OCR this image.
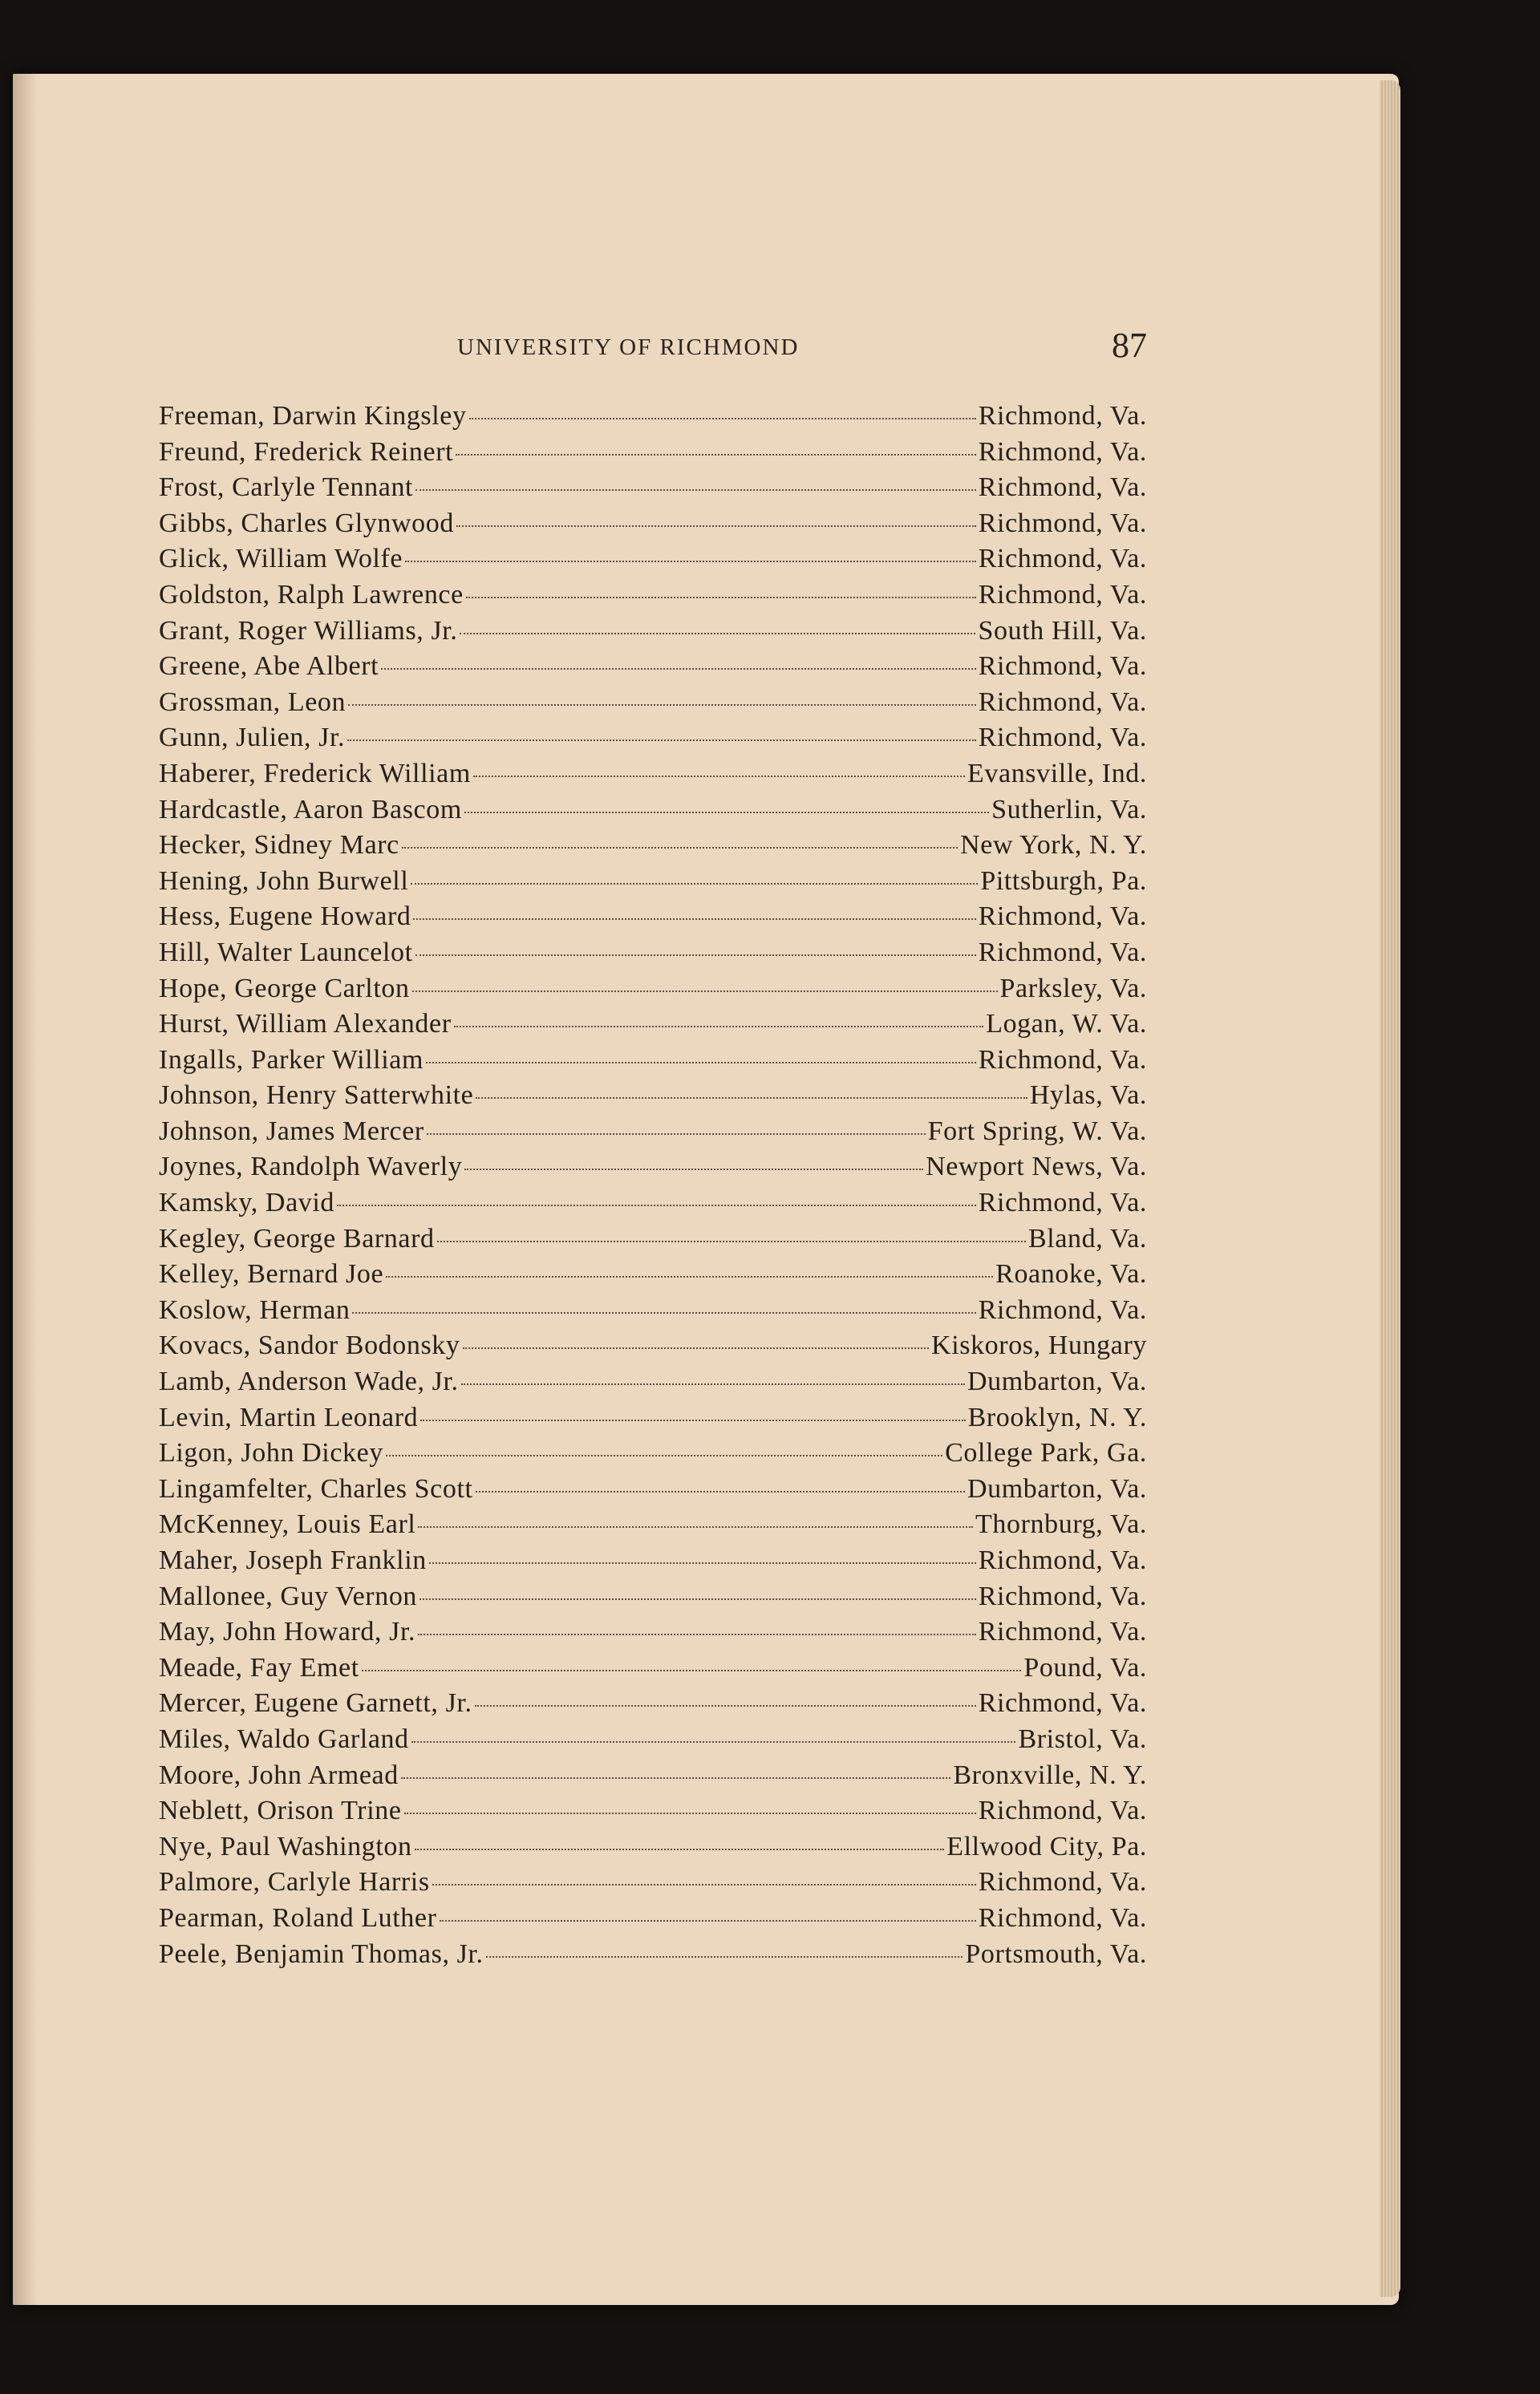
UNIVERSITY OF RICHMOND	87
Freeman, Darwin Kingsley	Richmond, Va.
Freund, Frederick Reinert	Richmond, Va.
Frost, Carlyle Tennant	Richmond, Va.
Gibbs, Charles Glynwood	Richmond, Va.
Glick, William Wolfe	Richmond, Va.
Goldston, Ralph Lawrence	Richmond, Va.
Grant, Roger Williams, Jr.	South Hill, Va.
Greene, Abe Albert	Richmond, Va.
Grossman, Leon	Richmond, Va.
Gunn, Julien, Jr.	Richmond, Va.
Haberer, Frederick William	Evansville, Ind.
Hardcastle, Aaron Bascom	Sutherlin, Va.
Hecker, Sidney Marc	New York, N. Y.
Hening, John Burwell	Pittsburgh, Pa.
Hess, Eugene Howard	Richmond, Va.
Hill, Walter Launcelot	Richmond, Va.
Hope, George Carlton	Parksley, Va.
Hurst, William Alexander	Logan, W. Va.
Ingalls, Parker William	Richmond, Va.
Johnson, Henry Satterwhite	Hylas, Va.
Johnson, James Mercer	Fort Spring, W. Va.
Joynes, Randolph Waverly	Newport News, Va.
Kamsky, David	Richmond, Va.
Kegley, George Barnard	Bland, Va.
Kelley, Bernard Joe	Roanoke, Va.
Koslow, Herman	Richmond, Va.
Kovacs, Sandor Bodonsky	Kiskoros, Hungary
Lamb, Anderson Wade, Jr.	Dumbarton, Va.
Levin, Martin Leonard	Brooklyn, N. Y.
Ligon, John Dickey	College Park, Ga.
Lingamfelter, Charles Scott	Dumbarton, Va.
McKenney, Louis Earl	Thornburg, Va.
Maher, Joseph Franklin	Richmond, Va.
Mallonee, Guy Vernon	Richmond, Va.
May, John Howard, Jr.	Richmond, Va.
Meade, Fay Emet	Pound, Va.
Mercer, Eugene Garnett, Jr.	Richmond, Va.
Miles, Waldo Garland	Bristol, Va.
Moore, John Armead	Bronxville, N. Y.
Neblett, Orison Trine	Richmond, Va.
Nye, Paul Washington	Ellwood City, Pa.
Palmore, Carlyle Harris	Richmond, Va.
Pearman, Roland Luther	Richmond, Va.
Peele, Benjamin Thomas, Jr.	Portsmouth, Va.
